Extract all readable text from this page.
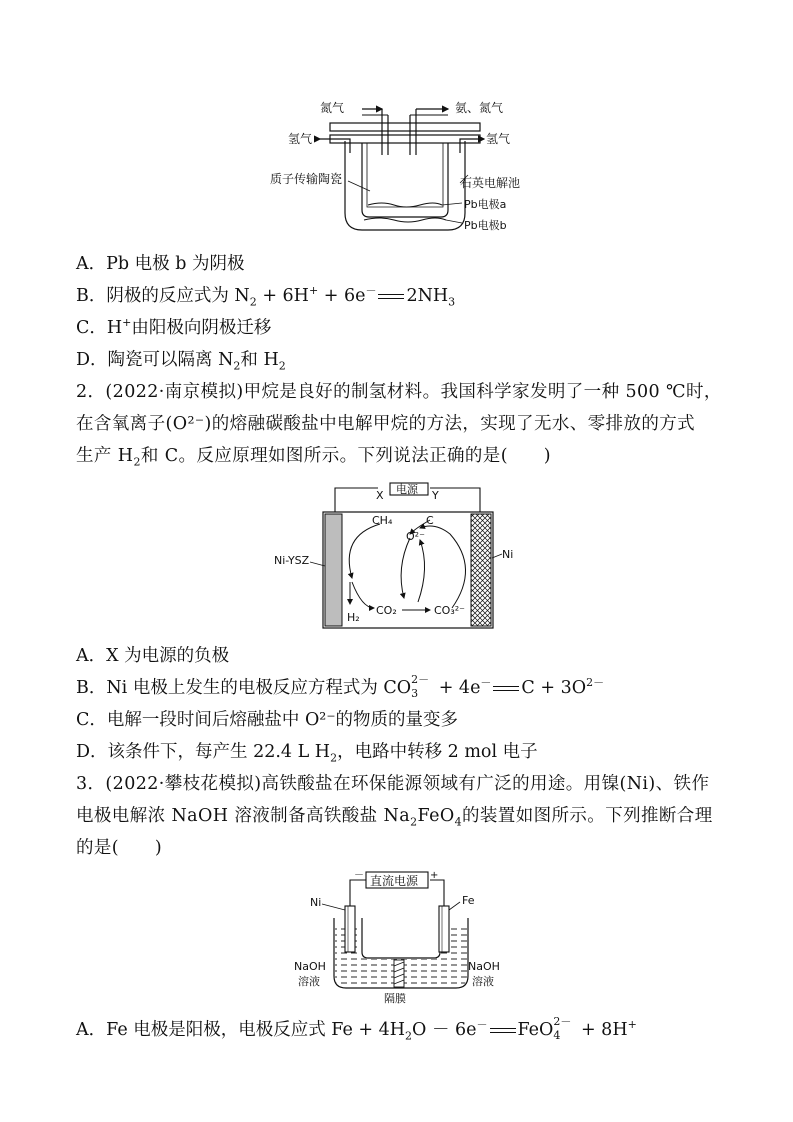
氮气	氨、氮气
氢气	氢气
质子传输陶瓷	石英电解池
Pb电极a
Pb电极b
A．Pb 电极 b 为阴极
B．阴极的反应式为 $N_2 + 6H^+ + 6e^-$ $2NH_3$
C．H+由阳极向阴极迁移
D．陶瓷可以隔离 $N_2$和 $H_2$
2．(2022·南京模拟)甲烷是良好的制氢材料。我国科学家发明了一种 500 ℃时，
在含氧离子(O²⁻)的熔融碳酸盐中电解甲烷的方法，实现了无水、零排放的方式
生产 $H_2$和 C。反应原理如图所示。下列说法正确的是(　　)
电源
X	Y
CH₄	C
O²⁻
Ni-YSZ	Ni
H₂
CO₂	CO₃²⁻
A．X 为电源的负极
B．Ni 电极上发生的电极反应方程式为 CO 2－
3 + 4e－ $C + 3O^{2-}$
C．电解一段时间后熔融盐中 O²⁻的物质的量变多
D．该条件下，每产生 22.4 L $H_2$，电路中转移 2 mol 电子
3．(2022·攀枝花模拟)高铁酸盐在环保能源领域有广泛的用途。用镍(Ni)、铁作
电极电解浓 NaOH 溶液制备高铁酸盐 $Na_2FeO_4$的装置如图所示。下列推断合理
的是(　　)
直流电源
－	+
Ni	Fe
NaOH
溶液
NaOH
溶液
隔膜
A．Fe 电极是阳极，电极反应式 $Fe + 4H_2O - 6e^-$ FeO 2－
4 + 8H+
